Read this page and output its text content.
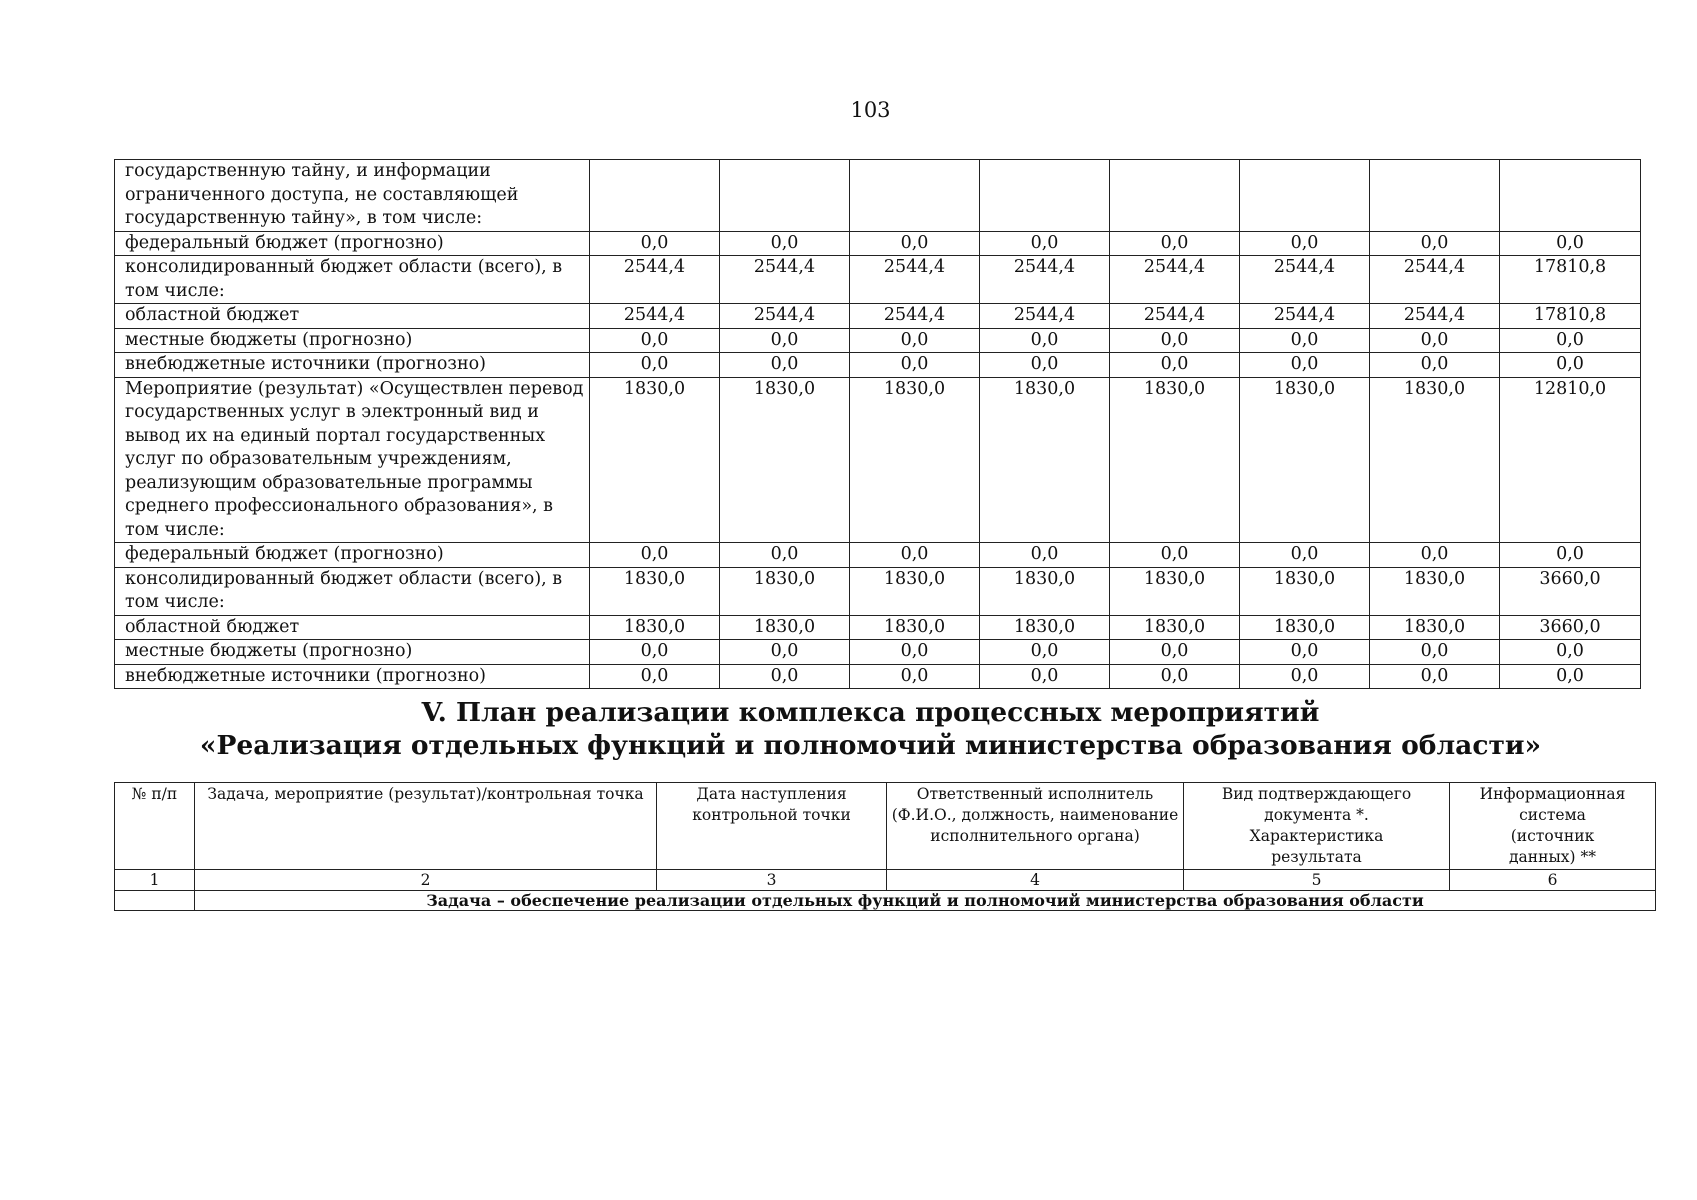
103
государственную тайну, и информации ограниченного доступа, не составляющей государственную тайну», в том числе:								
федеральный бюджет (прогнозно)	0,0	0,0	0,0	0,0	0,0	0,0	0,0	0,0
консолидированный бюджет области (всего), в том числе:	2544,4	2544,4	2544,4	2544,4	2544,4	2544,4	2544,4	17810,8
областной бюджет	2544,4	2544,4	2544,4	2544,4	2544,4	2544,4	2544,4	17810,8
местные бюджеты (прогнозно)	0,0	0,0	0,0	0,0	0,0	0,0	0,0	0,0
внебюджетные источники (прогнозно)	0,0	0,0	0,0	0,0	0,0	0,0	0,0	0,0
Мероприятие (результат) «Осуществлен перевод государственных услуг в электронный вид и вывод их на единый портал государственных услуг по образовательным учреждениям, реализующим образовательные программы среднего профессионального образования», в том числе:	1830,0	1830,0	1830,0	1830,0	1830,0	1830,0	1830,0	12810,0
федеральный бюджет (прогнозно)	0,0	0,0	0,0	0,0	0,0	0,0	0,0	0,0
консолидированный бюджет области (всего), в том числе:	1830,0	1830,0	1830,0	1830,0	1830,0	1830,0	1830,0	3660,0
областной бюджет	1830,0	1830,0	1830,0	1830,0	1830,0	1830,0	1830,0	3660,0
местные бюджеты (прогнозно)	0,0	0,0	0,0	0,0	0,0	0,0	0,0	0,0
внебюджетные источники (прогнозно)	0,0	0,0	0,0	0,0	0,0	0,0	0,0	0,0
V. План реализации комплекса процессных мероприятий
«Реализация отдельных функций и полномочий министерства образования области»
№ п/п	Задача, мероприятие (результат)/контрольная точка	Дата наступления контрольной точки	Ответственный исполнитель (Ф.И.О., должность, наименование исполнительного органа)	Вид подтверждающего документа *. Характеристика результата	Информационная система (источник данных) **
1	2	3	4	5	6
	Задача – обеспечение реализации отдельных функций и полномочий министерства образования области				
